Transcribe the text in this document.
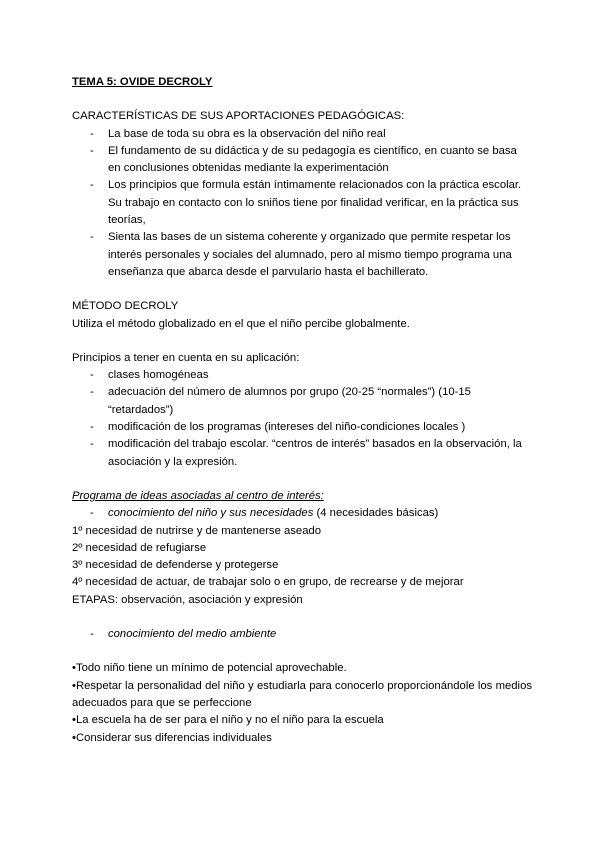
TEMA 5: OVIDE DECROLY

CARACTERÍSTICAS DE SUS APORTACIONES PEDAGÓGICAS:

- La base de toda su obra es la observación del niño real
- El fundamento de su didáctica y de su pedagogía es científico, en cuanto se basa en conclusiones obtenidas mediante la experimentación
- Los principios que formula están íntimamente relacionados con la práctica escolar. Su trabajo en contacto con lo sniños tiene por finalidad verificar, en la práctica sus teorías,
- Sienta las bases de un sistema coherente y organizado que permite respetar los interés personales y sociales del alumnado, pero al mismo tiempo programa una enseñanza que abarca desde el parvulario hasta el bachillerato.

MÉTODO DECROLY

Utiliza el método globalizado en el que el niño percibe globalmente.

Principios a tener en cuenta en su aplicación:

- clases homogéneas
- adecuación del número de alumnos por grupo (20-25 “normales”) (10-15 “retardados”)
- modificación de los programas (intereses del niño-condiciones locales )
- modificación del trabajo escolar. “centros de interés” basados en la observación, la asociación y la expresión.

Programa de ideas asociadas al centro de interés:

- conocimiento del niño y sus necesidades (4 necesidades básicas)

1º necesidad de nutrirse y de mantenerse aseado

2º necesidad de refugiarse

3º necesidad de defenderse y protegerse

4º necesidad de actuar, de trabajar solo o en grupo, de recrearse y de mejorar

ETAPAS: observación, asociación y expresión

- conocimiento del medio ambiente

•Todo niño tiene un mínimo de potencial aprovechable.

•Respetar la personalidad del niño y estudiarla para conocerlo proporcionándole los medios adecuados para que se perfeccione

•La escuela ha de ser para el niño y no el niño para la escuela

•Considerar sus diferencias individuales
